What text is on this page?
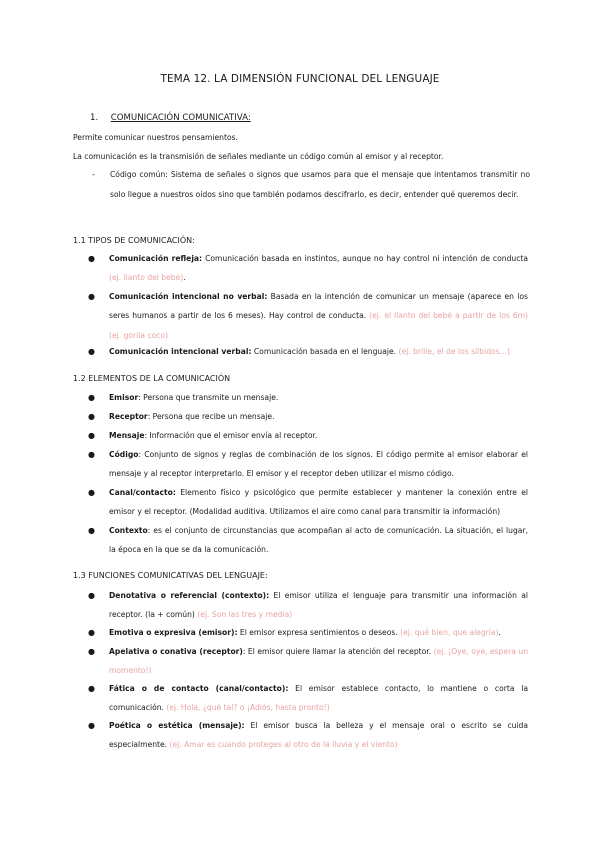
TEMA 12. LA DIMENSIÓN FUNCIONAL DEL LENGUAJE
1. COMUNICACIÓN COMUNICATIVA:
Permite comunicar nuestros pensamientos.
La comunicación es la transmisión de señales mediante un código común al emisor y al receptor.
- Código común: Sistema de señales o signos que usamos para que el mensaje que intentamos transmitir no solo llegue a nuestros oídos sino que también podamos descifrarlo, es decir, entender qué queremos decir.
1.1 TIPOS DE COMUNICACIÓN:
● Comunicación refleja: Comunicación basada en instintos, aunque no hay control ni intención de conducta (ej. llanto del bebe).
● Comunicación intencional no verbal: Basada en la intención de comunicar un mensaje (aparece en los seres humanos a partir de los 6 meses). Hay control de conducta. (ej. el llanto del bebé a partir de los 6m) (ej. gorila coco)
● Comunicación intencional verbal: Comunicación basada en el lenguaje. (ej. brille, el de los silbidos...)
1.2 ELEMENTOS DE LA COMUNICACIÓN
● Emisor: Persona que transmite un mensaje.
● Receptor: Persona que recibe un mensaje.
● Mensaje: Información que el emisor envía al receptor.
● Código: Conjunto de signos y reglas de combinación de los signos. El código permite al emisor elaborar el mensaje y al receptor interpretarlo. El emisor y el receptor deben utilizar el mismo código.
● Canal/contacto: Elemento físico y psicológico que permite establecer y mantener la conexión entre el emisor y el receptor. (Modalidad auditiva. Utilizamos el aire como canal para transmitir la información)
● Contexto: es el conjunto de circunstancias que acompañan al acto de comunicación. La situación, el lugar, la época en la que se da la comunicación.
1.3 FUNCIONES COMUNICATIVAS DEL LENGUAJE:
● Denotativa o referencial (contexto): El emisor utiliza el lenguaje para transmitir una información al receptor. (la + común) (ej. Son las tres y media)
● Emotiva o expresiva (emisor): El emisor expresa sentimientos o deseos. (ej. qué bien, que alegría).
● Apelativa o conativa (receptor): El emisor quiere llamar la atención del receptor. (ej. ¡Oye, oye, espera un momento!)
● Fática o de contacto (canal/contacto): El emisor establece contacto, lo mantiene o corta la comunicación. (ej. Hola, ¿qué tal? o ¡Adiós, hasta pronto!)
● Poética o estética (mensaje): El emisor busca la belleza y el mensaje oral o escrito se cuida especialmente. (ej. Amar es cuando proteges al otro de la lluvia y el viento)
